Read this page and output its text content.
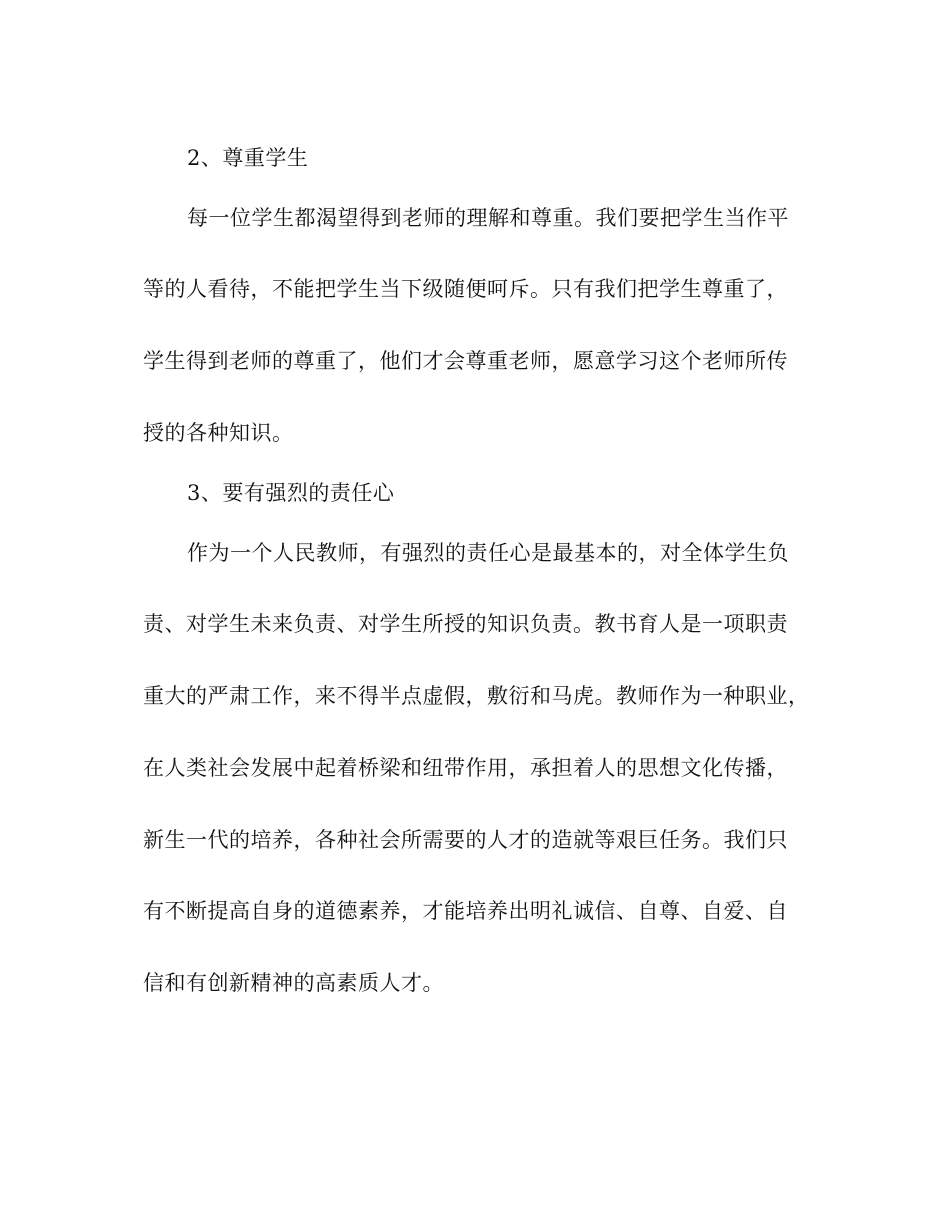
2、尊重学生
每一位学生都渴望得到老师的理解和尊重。我们要把学生当作平
等的人看待，不能把学生当下级随便呵斥。只有我们把学生尊重了，
学生得到老师的尊重了，他们才会尊重老师，愿意学习这个老师所传
授的各种知识。
3、要有强烈的责任心
作为一个人民教师，有强烈的责任心是最基本的，对全体学生负
责、对学生未来负责、对学生所授的知识负责。教书育人是一项职责
重大的严肃工作，来不得半点虚假，敷衍和马虎。教师作为一种职业，
在人类社会发展中起着桥梁和纽带作用，承担着人的思想文化传播，
新生一代的培养，各种社会所需要的人才的造就等艰巨任务。我们只
有不断提高自身的道德素养，才能培养出明礼诚信、自尊、自爱、自
信和有创新精神的高素质人才。
